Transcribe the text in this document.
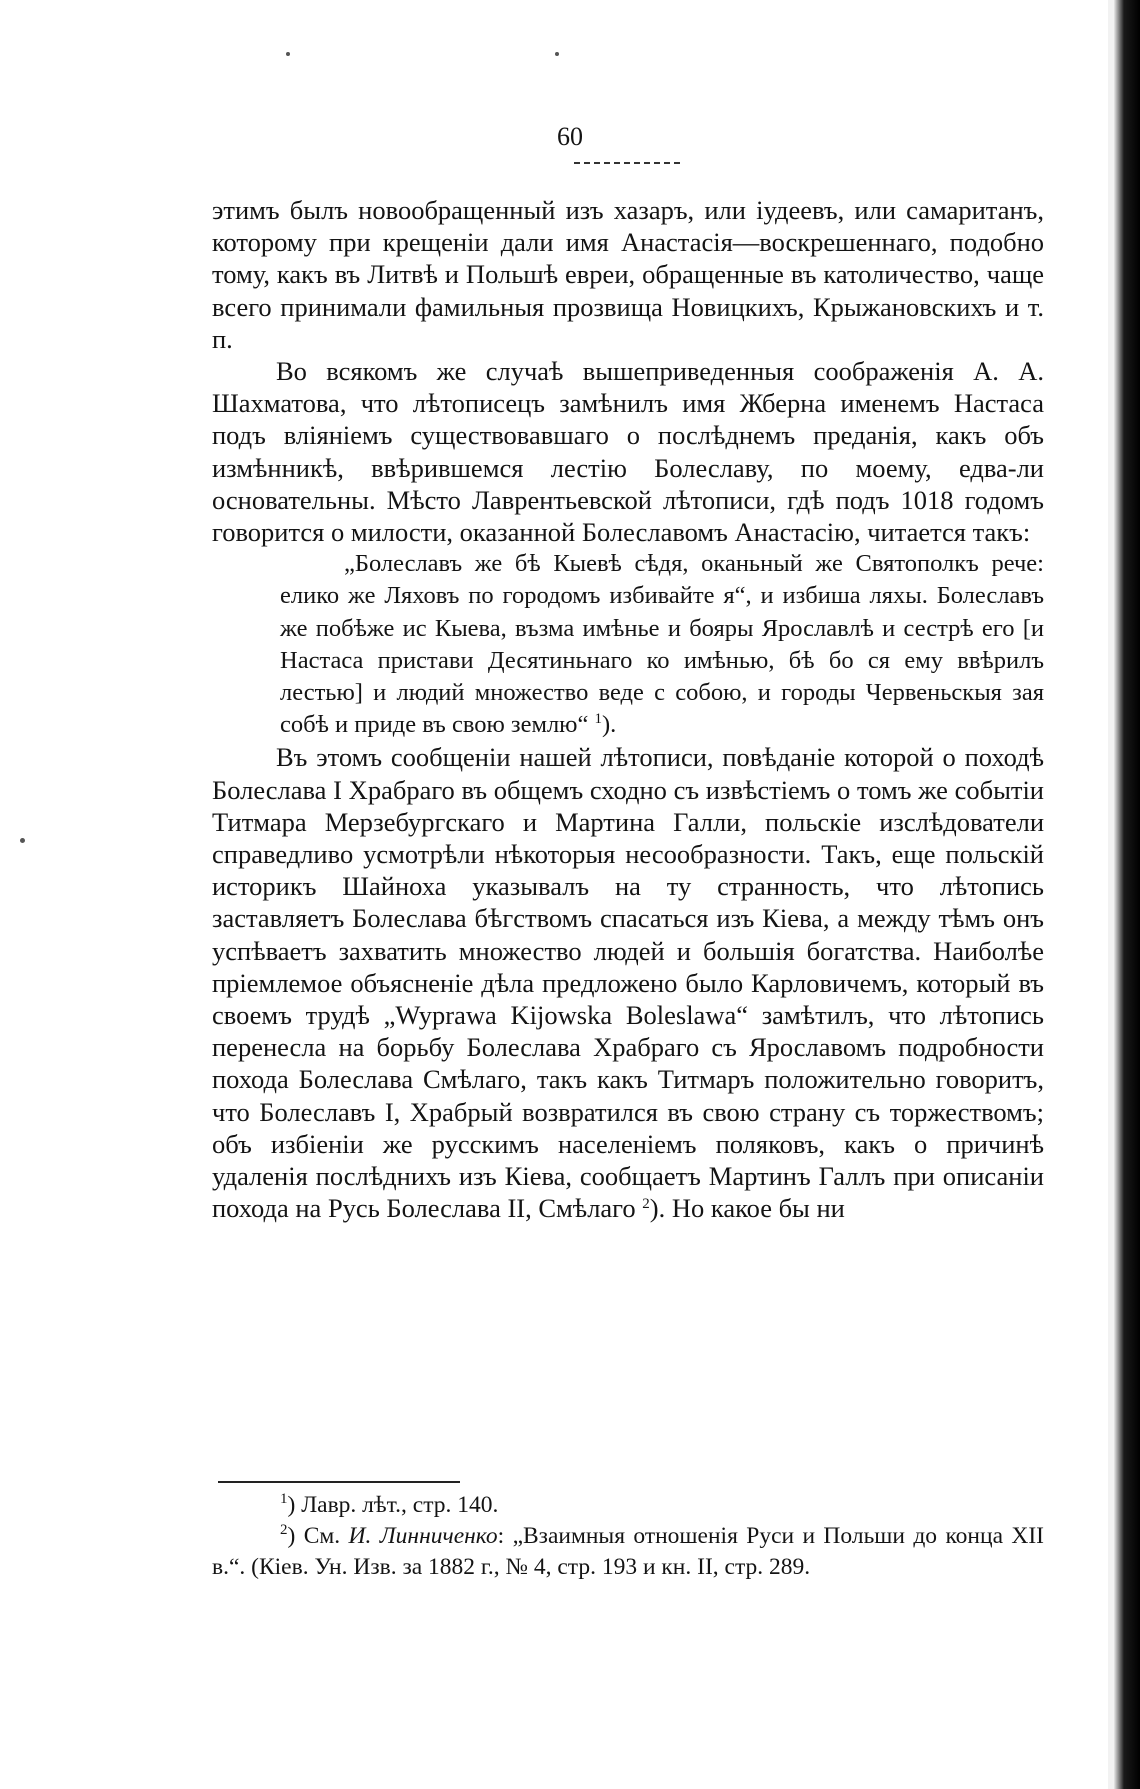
60

этимъ былъ новообращенный изъ хазаръ, или іудеевъ, или самаританъ, которому при крещеніи дали имя Анастасія—воскрешеннаго, подобно тому, какъ въ Литвѣ и Польшѣ евреи, обращенные въ католичество, чаще всего принимали фамильныя прозвища Новицкихъ, Крыжановскихъ и т. п.

Во всякомъ же случаѣ вышеприведенныя соображенія А. А. Шахматова, что лѣтописецъ замѣнилъ имя Жберна именемъ Настаса подъ вліяніемъ существовавшаго о послѣднемъ преданія, какъ объ измѣнникѣ, ввѣрившемся лестію Болеславу, по моему, едва-ли основательны. Мѣсто Лаврентьевской лѣтописи, гдѣ подъ 1018 годомъ говорится о милости, оказанной Болеславомъ Анастасію, читается такъ:

„Болеславъ же бѣ Кыевѣ сѣдя, оканьный же Святополкъ рече: елико же Ляховъ по городомъ избивайте я“, и избиша ляхы. Болеславъ же побѣже ис Кыева, възма имѣнье и бояры Ярославлѣ и сестрѣ его [и Настаса пристави Десятиньнаго ко имѣнью, бѣ бо ся ему ввѣрилъ лестью] и людий множество веде с собою, и городы Червеньскыя зая собѣ и приде въ свою землю“ $^1$).

Въ этомъ сообщеніи нашей лѣтописи, повѣданіе которой о походѣ Болеслава I Храбраго въ общемъ сходно съ извѣстіемъ о томъ же событіи Титмара Мерзебургскаго и Мартина Галли, польскіе изслѣдователи справедливо усмотрѣли нѣкоторыя несообразности. Такъ, еще польскій историкъ Шайноха указывалъ на ту странность, что лѣтопись заставляетъ Болеслава бѣгствомъ спасаться изъ Кіева, а между тѣмъ онъ успѣваетъ захватить множество людей и большія богатства. Наиболѣе пріемлемое объясненіе дѣла предложено было Карловичемъ, который въ своемъ трудѣ „Wyprawa Kijowska Boleslawa“ замѣтилъ, что лѣтопись перенесла на борьбу Болеслава Храбраго съ Ярославомъ подробности похода Болеслава Смѣлаго, такъ какъ Титмаръ положительно говоритъ, что Болеславъ I, Храбрый возвратился въ свою страну съ торжествомъ; объ избіеніи же русскимъ населеніемъ поляковъ, какъ о причинѣ удаленія послѣднихъ изъ Кіева, сообщаетъ Мартинъ Галлъ при описаніи похода на Русь Болеслава II, Смѣлаго $^2$). Но какое бы ни

$^1$) Лавр. лѣт., стр. 140.

$^2$) См. И. Линниченко: „Взаимныя отношенія Руси и Польши до конца XII в.“. (Кiев. Ун. Изв. за 1882 г., № 4, стр. 193 и кн. II, стр. 289.
